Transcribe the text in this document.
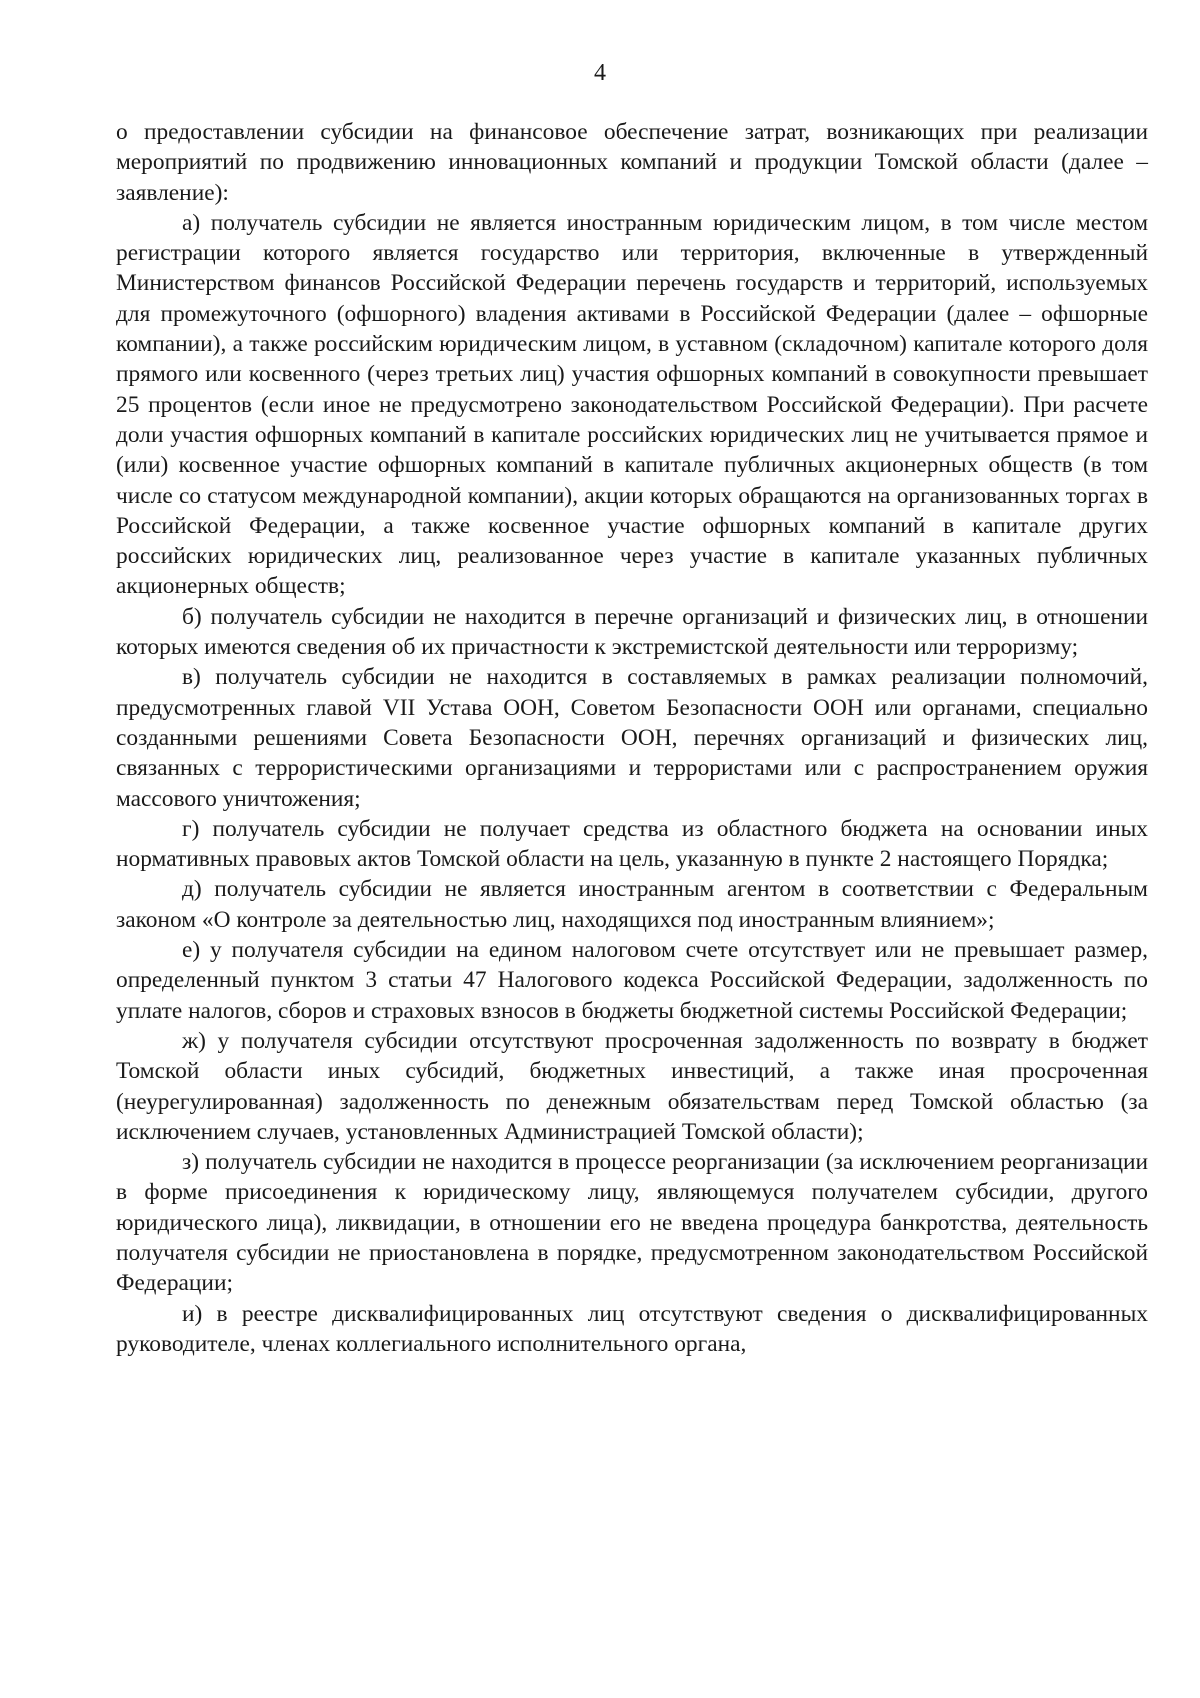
4

о предоставлении субсидии на финансовое обеспечение затрат, возникающих при реализации мероприятий по продвижению инновационных компаний и продукции Томской области (далее – заявление):

а) получатель субсидии не является иностранным юридическим лицом, в том числе местом регистрации которого является государство или территория, включенные в утвержденный Министерством финансов Российской Федерации перечень государств и территорий, используемых для промежуточного (офшорного) владения активами в Российской Федерации (далее – офшорные компании), а также российским юридическим лицом, в уставном (складочном) капитале которого доля прямого или косвенного (через третьих лиц) участия офшорных компаний в совокупности превышает 25 процентов (если иное не предусмотрено законодательством Российской Федерации). При расчете доли участия офшорных компаний в капитале российских юридических лиц не учитывается прямое и (или) косвенное участие офшорных компаний в капитале публичных акционерных обществ (в том числе со статусом международной компании), акции которых обращаются на организованных торгах в Российской Федерации, а также косвенное участие офшорных компаний в капитале других российских юридических лиц, реализованное через участие в капитале указанных публичных акционерных обществ;

б) получатель субсидии не находится в перечне организаций и физических лиц, в отношении которых имеются сведения об их причастности к экстремистской деятельности или терроризму;

в) получатель субсидии не находится в составляемых в рамках реализации полномочий, предусмотренных главой VII Устава ООН, Советом Безопасности ООН или органами, специально созданными решениями Совета Безопасности ООН, перечнях организаций и физических лиц, связанных с террористическими организациями и террористами или с распространением оружия массового уничтожения;

г) получатель субсидии не получает средства из областного бюджета на основании иных нормативных правовых актов Томской области на цель, указанную в пункте 2 настоящего Порядка;

д) получатель субсидии не является иностранным агентом в соответствии с Федеральным законом «О контроле за деятельностью лиц, находящихся под иностранным влиянием»;

е) у получателя субсидии на едином налоговом счете отсутствует или не превышает размер, определенный пунктом 3 статьи 47 Налогового кодекса Российской Федерации, задолженность по уплате налогов, сборов и страховых взносов в бюджеты бюджетной системы Российской Федерации;

ж) у получателя субсидии отсутствуют просроченная задолженность по возврату в бюджет Томской области иных субсидий, бюджетных инвестиций, а также иная просроченная (неурегулированная) задолженность по денежным обязательствам перед Томской областью (за исключением случаев, установленных Администрацией Томской области);

з) получатель субсидии не находится в процессе реорганизации (за исключением реорганизации в форме присоединения к юридическому лицу, являющемуся получателем субсидии, другого юридического лица), ликвидации, в отношении его не введена процедура банкротства, деятельность получателя субсидии не приостановлена в порядке, предусмотренном законодательством Российской Федерации;

и) в реестре дисквалифицированных лиц отсутствуют сведения о дисквалифицированных руководителе, членах коллегиального исполнительного органа,
